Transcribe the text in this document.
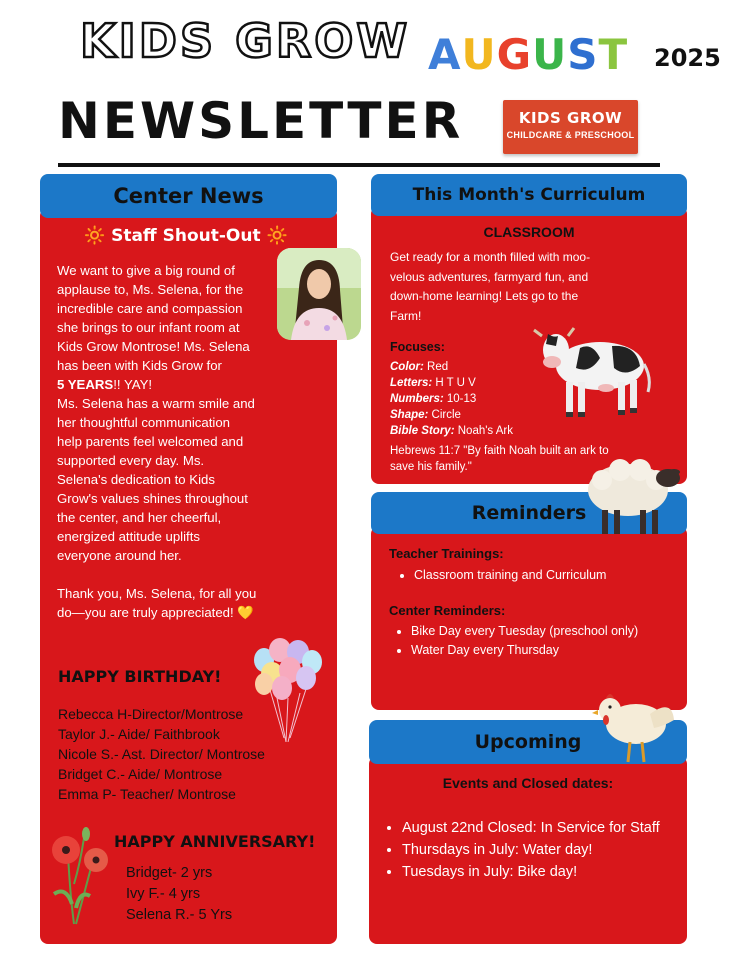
KIDS GROW
NEWSLETTER
AUGUST 2025
KIDS GROW
CHILDCARE & PRESCHOOL
Center News
🔆 Staff Shout-Out 🔆
We want to give a big round of
applause to, Ms. Selena, for the
incredible care and compassion
she brings to our infant room at
Kids Grow Montrose! Ms. Selena
has been with Kids Grow for
5 YEARS!! YAY!
Ms. Selena has a warm smile and
her thoughtful communication
help parents feel welcomed and
supported every day. Ms.
Selena's dedication to Kids
Grow's values shines throughout
the center, and her cheerful,
energized attitude uplifts
everyone around her.
Thank you, Ms. Selena, for all you
do—you are truly appreciated! 💛
HAPPY BIRTHDAY!
Rebecca H-Director/Montrose
Taylor J.- Aide/ Faithbrook
Nicole S.- Ast. Director/ Montrose
Bridget C.- Aide/ Montrose
Emma P- Teacher/ Montrose
HAPPY ANNIVERSARY!
Bridget- 2 yrs
Ivy F.- 4 yrs
Selena R.- 5 Yrs
This Month's Curriculum
CLASSROOM
Get ready for a month filled with moo-
velous adventures, farmyard fun, and
down-home learning! Lets go to the
Farm!
Focuses:
Color: Red
Letters: H T U V
Numbers: 10-13
Shape: Circle
Bible Story: Noah's Ark
Hebrews 11:7 "By faith Noah built an ark to
save his family."
Reminders
Teacher Trainings:
• Classroom training and Curriculum
Center Reminders:
• Bike Day every Tuesday (preschool only)
• Water Day every Thursday
Upcoming
Events and Closed dates:
• August 22nd Closed: In Service for Staff
• Thursdays in July: Water day!
• Tuesdays in July: Bike day!
